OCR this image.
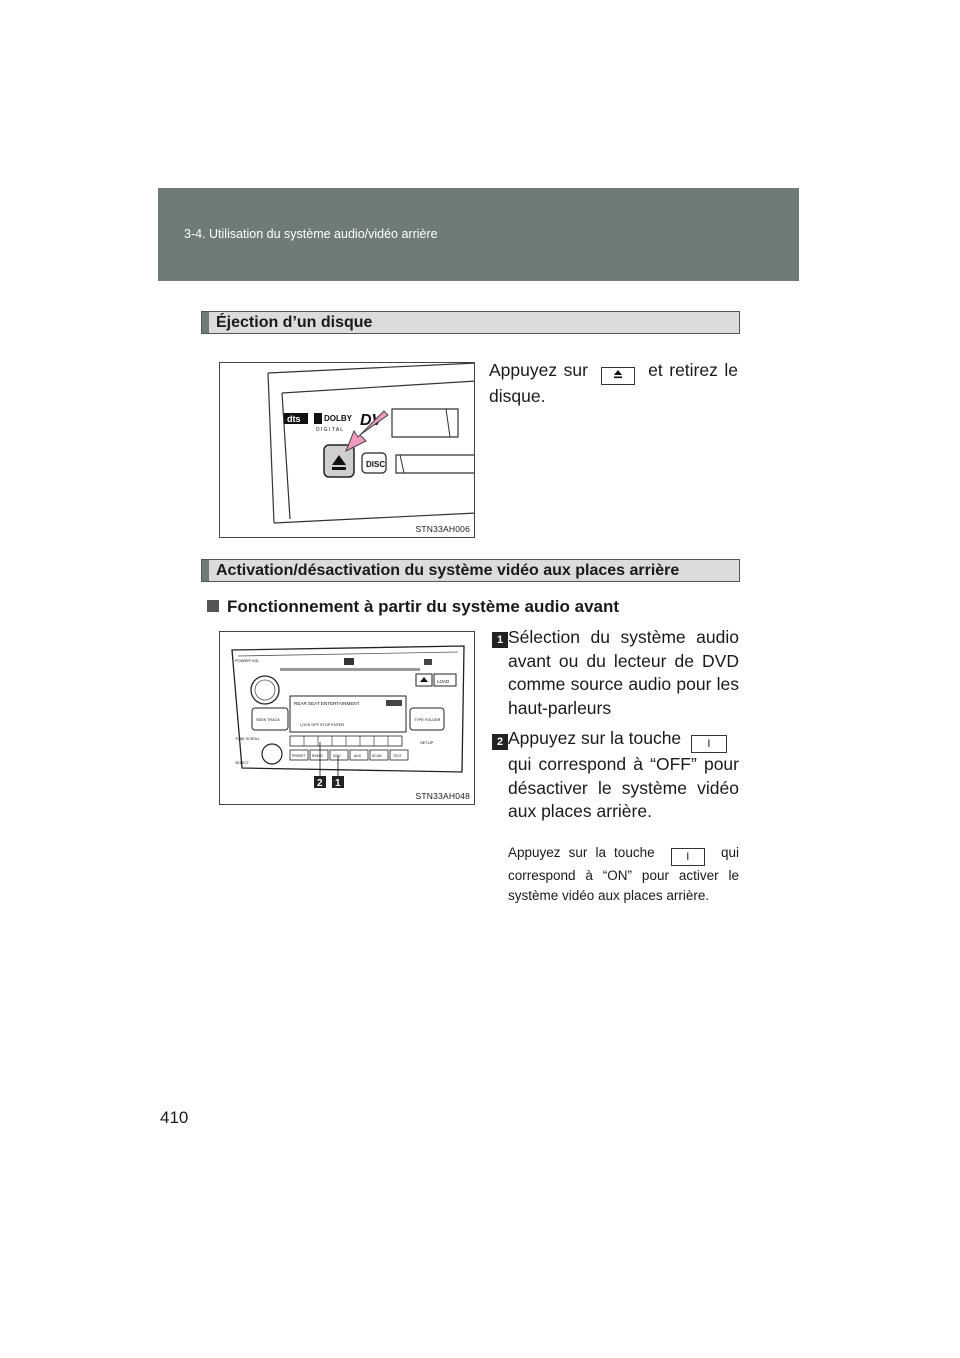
3-4. Utilisation du système audio/vidéo arrière
Éjection d’un disque
dts	DOLBY
D I G I T A L
DV
DISC
STN33AH006
Appuyez sur	et retirez le disque.
Activation/désactivation du système vidéo aux places arrière
Fonctionnement à partir du système audio avant
POWER·VOL
LOAD
SEEK TRACK
REAR SEAT ENTERTAINMENT
LOCK OFF STOP ENTER
TYPE FOLDER
TUNE SCROLL
SELECT
SETUP
PRESET RADIO	DISC	AUX	SCAN	TEXT
2 1
STN33AH048
1 Sélection du système audio avant ou du lecteur de DVD comme source audio pour les haut-parleurs
2 Appuyez sur la touche I
qui correspond à “OFF” pour désactiver le système vidéo aux places arrière.
Appuyez sur la touche	I qui correspond à “ON” pour activer le système vidéo aux places arrière.
410
